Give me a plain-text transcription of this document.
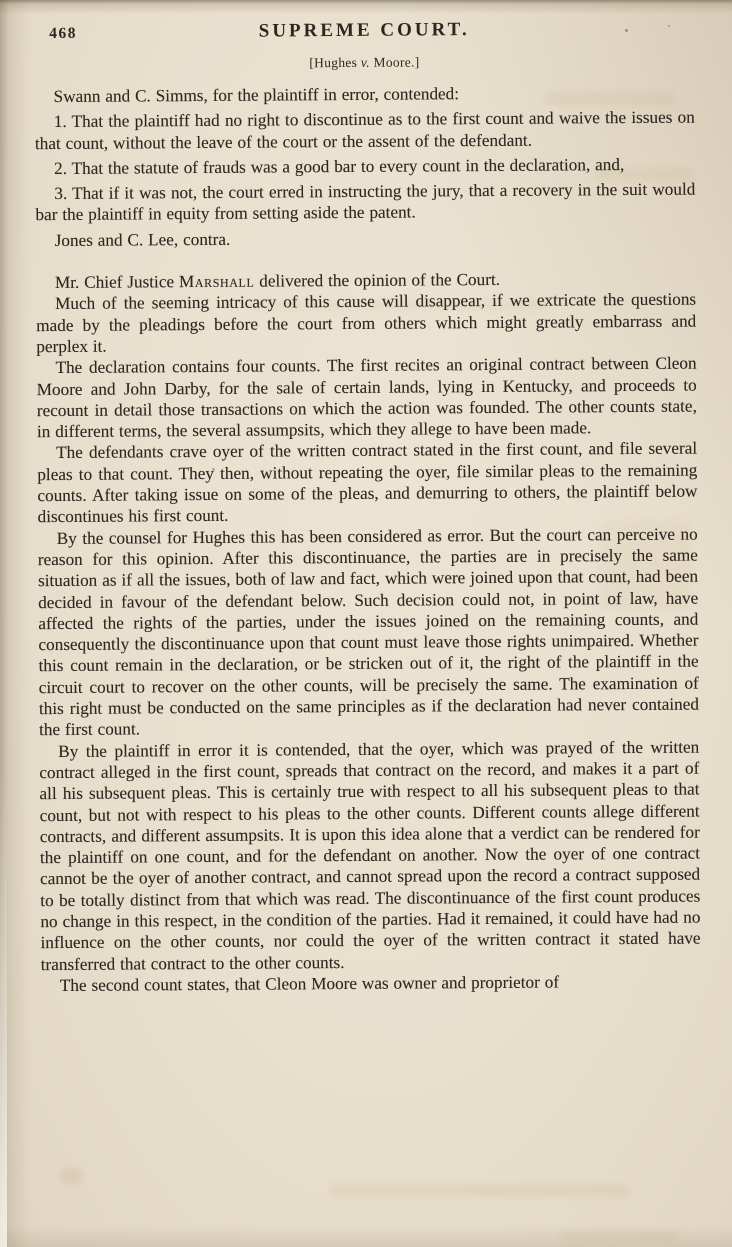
468	SUPREME COURT.
[Hughes v. Moore.]

Swann and C. Simms, for the plaintiff in error, contended:

1. That the plaintiff had no right to discontinue as to the first count and waive the issues on that count, without the leave of the court or the assent of the defendant.

2. That the statute of frauds was a good bar to every count in the declaration, and,

3. That if it was not, the court erred in instructing the jury, that a recovery in the suit would bar the plaintiff in equity from setting aside the patent.

Jones and C. Lee, contra.

Mr. Chief Justice Marshall delivered the opinion of the Court.

Much of the seeming intricacy of this cause will disappear, if we extricate the questions made by the pleadings before the court from others which might greatly embarrass and perplex it.

The declaration contains four counts. The first recites an original contract between Cleon Moore and John Darby, for the sale of certain lands, lying in Kentucky, and proceeds to recount in detail those transactions on which the action was founded. The other counts state, in different terms, the several assumpsits, which they allege to have been made.

The defendants crave oyer of the written contract stated in the first count, and file several pleas to that count. They then, without repeating the oyer, file similar pleas to the remaining counts. After taking issue on some of the pleas, and demurring to others, the plaintiff below discontinues his first count.

By the counsel for Hughes this has been considered as error. But the court can perceive no reason for this opinion. After this discontinuance, the parties are in precisely the same situation as if all the issues, both of law and fact, which were joined upon that count, had been decided in favour of the defendant below. Such decision could not, in point of law, have affected the rights of the parties, under the issues joined on the remaining counts, and consequently the discontinuance upon that count must leave those rights unimpaired. Whether this count remain in the declaration, or be stricken out of it, the right of the plaintiff in the circuit court to recover on the other counts, will be precisely the same. The examination of this right must be conducted on the same principles as if the declaration had never contained the first count.

By the plaintiff in error it is contended, that the oyer, which was prayed of the written contract alleged in the first count, spreads that contract on the record, and makes it a part of all his subsequent pleas. This is certainly true with respect to all his subsequent pleas to that count, but not with respect to his pleas to the other counts. Different counts allege different contracts, and different assumpsits. It is upon this idea alone that a verdict can be rendered for the plaintiff on one count, and for the defendant on another. Now the oyer of one contract cannot be the oyer of another contract, and cannot spread upon the record a contract supposed to be totally distinct from that which was read. The discontinuance of the first count produces no change in this respect, in the condition of the parties. Had it remained, it could have had no influence on the other counts, nor could the oyer of the written contract it stated have transferred that contract to the other counts.

The second count states, that Cleon Moore was owner and proprietor of
